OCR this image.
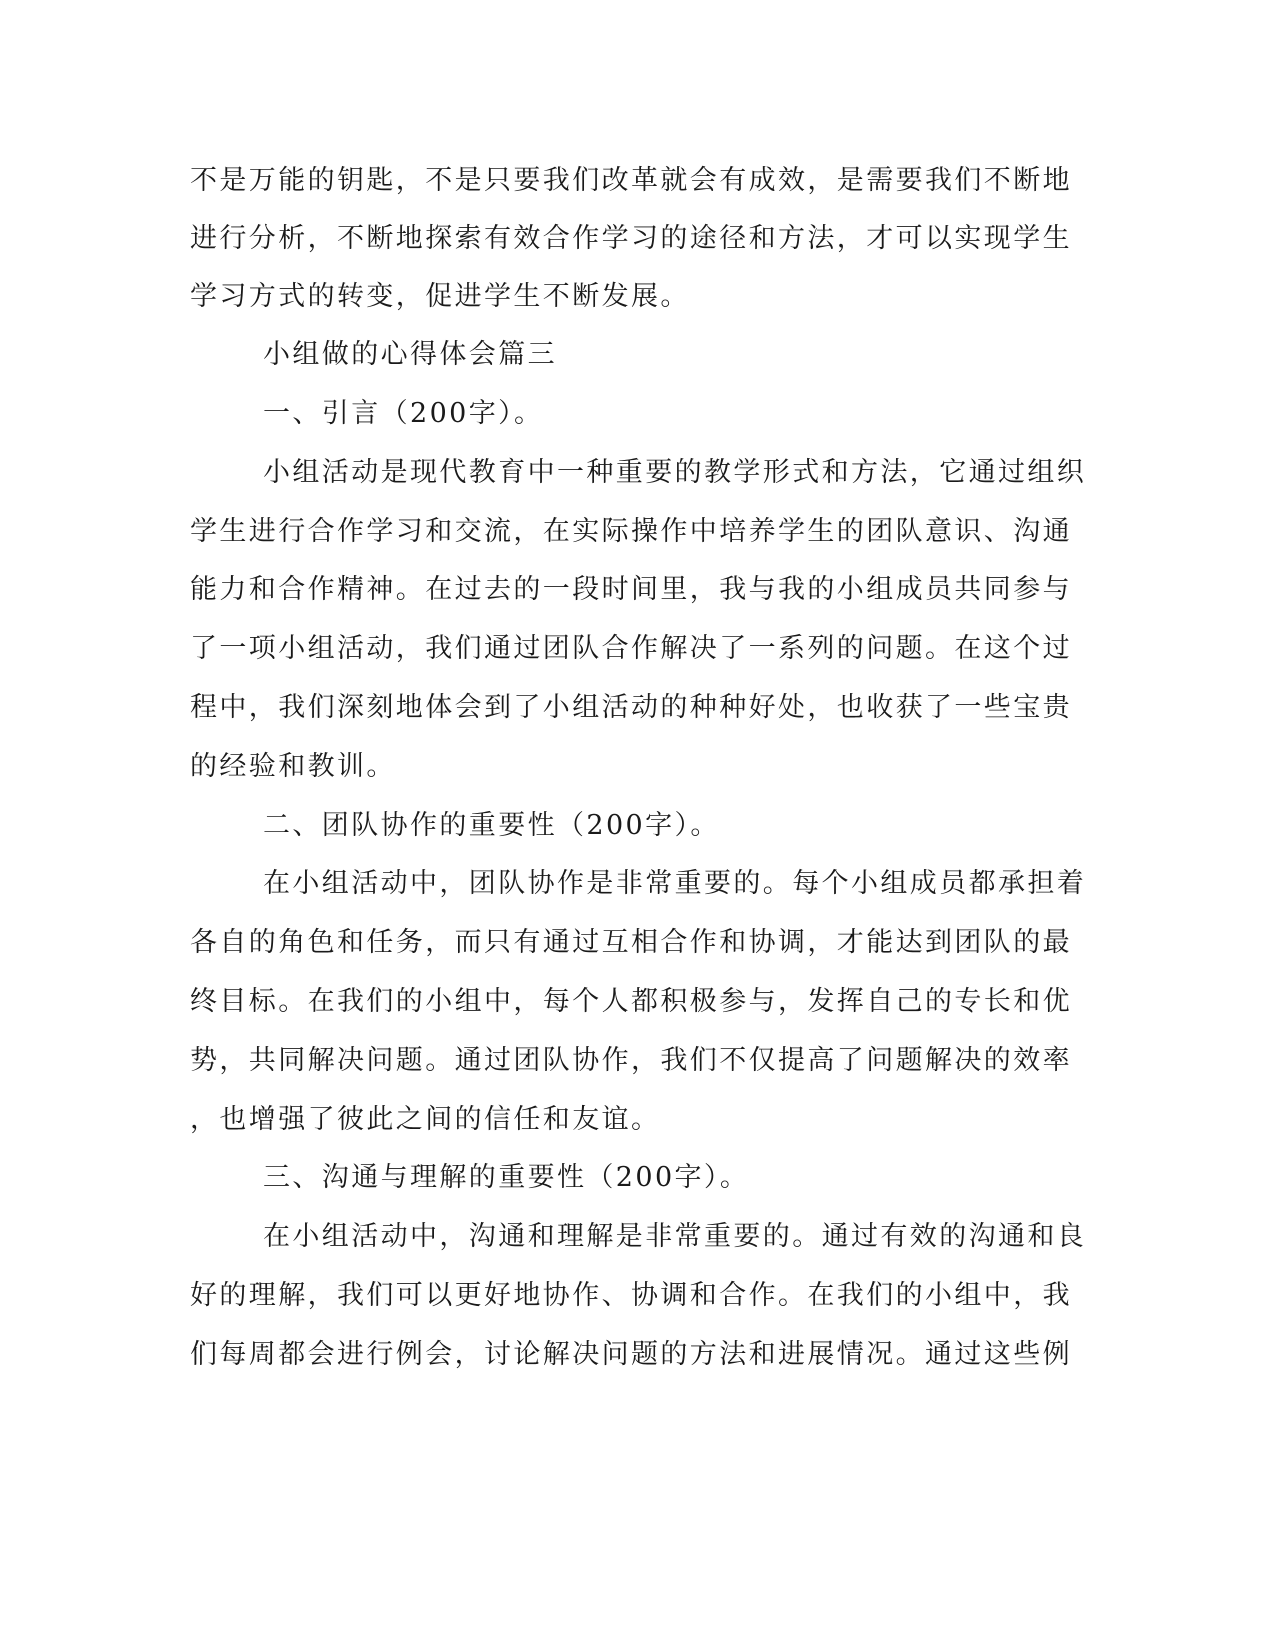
不是万能的钥匙，不是只要我们改革就会有成效，是需要我们不断地
进行分析，不断地探索有效合作学习的途径和方法，才可以实现学生
学习方式的转变，促进学生不断发展。
小组做的心得体会篇三
一、引言（200字）。
小组活动是现代教育中一种重要的教学形式和方法，它通过组织
学生进行合作学习和交流，在实际操作中培养学生的团队意识、沟通
能力和合作精神。在过去的一段时间里，我与我的小组成员共同参与
了一项小组活动，我们通过团队合作解决了一系列的问题。在这个过
程中，我们深刻地体会到了小组活动的种种好处，也收获了一些宝贵
的经验和教训。
二、团队协作的重要性（200字）。
在小组活动中，团队协作是非常重要的。每个小组成员都承担着
各自的角色和任务，而只有通过互相合作和协调，才能达到团队的最
终目标。在我们的小组中，每个人都积极参与，发挥自己的专长和优
势，共同解决问题。通过团队协作，我们不仅提高了问题解决的效率
，也增强了彼此之间的信任和友谊。
三、沟通与理解的重要性（200字）。
在小组活动中，沟通和理解是非常重要的。通过有效的沟通和良
好的理解，我们可以更好地协作、协调和合作。在我们的小组中，我
们每周都会进行例会，讨论解决问题的方法和进展情况。通过这些例
